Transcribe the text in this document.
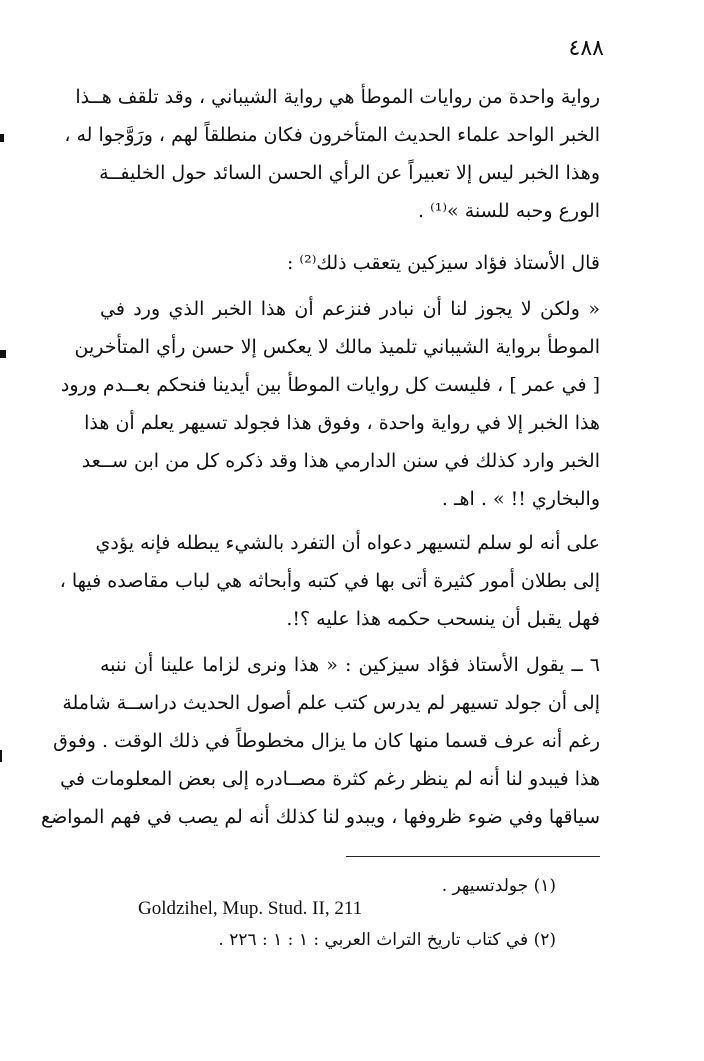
٤٨٨
رواية واحدة من روايات الموطأ هي رواية الشيباني ، وقد تلقف هــذا
الخبر الواحد علماء الحديث المتأخرون فكان منطلقاً لهم ، ورَوَّجوا له ،
وهذا الخبر ليس إلا تعبيراً عن الرأي الحسن السائد حول الخليفــة
الورع وحبه للسنة »⁽¹⁾ .
قال الأستاذ فؤاد سيزكين يتعقب ذلك⁽²⁾ :
« ولكن لا يجوز لنا أن نبادر فنزعم أن هذا الخبر الذي ورد في
الموطأ برواية الشيباني تلميذ مالك لا يعكس إلا حسن رأي المتأخرين
[ في عمر ] ، فليست كل روايات الموطأ بين أيدينا فنحكم بعــدم ورود
هذا الخبر إلا في رواية واحدة ، وفوق هذا فجولد تسيهر يعلم أن هذا
الخبر وارد كذلك في سنن الدارمي هذا وقد ذكره كل من ابن ســعد
والبخاري !! » . اهـ .
على أنه لو سلم لتسيهر دعواه أن التفرد بالشيء يبطله فإنه يؤدي
إلى بطلان أمور كثيرة أتى بها في كتبه وأبحاثه هي لباب مقاصده فيها ،
فهل يقبل أن ينسحب حكمه هذا عليه ؟!.
٦ ــ يقول الأستاذ فؤاد سيزكين : « هذا ونرى لزاما علينا أن ننبه
إلى أن جولد تسيهر لم يدرس كتب علم أصول الحديث دراســة شاملة
رغم أنه عرف قسما منها كان ما يزال مخطوطاً في ذلك الوقت . وفوق
هذا فيبدو لنا أنه لم ينظر رغم كثرة مصــادره إلى بعض المعلومات في
سياقها وفي ضوء ظروفها ، ويبدو لنا كذلك أنه لم يصب في فهم المواضع
(١) جولدتسيهر .
Goldzihel, Mup. Stud. II, 211
(٢) في كتاب تاريخ التراث العربي : ١ : ١ : ٢٢٦ .
